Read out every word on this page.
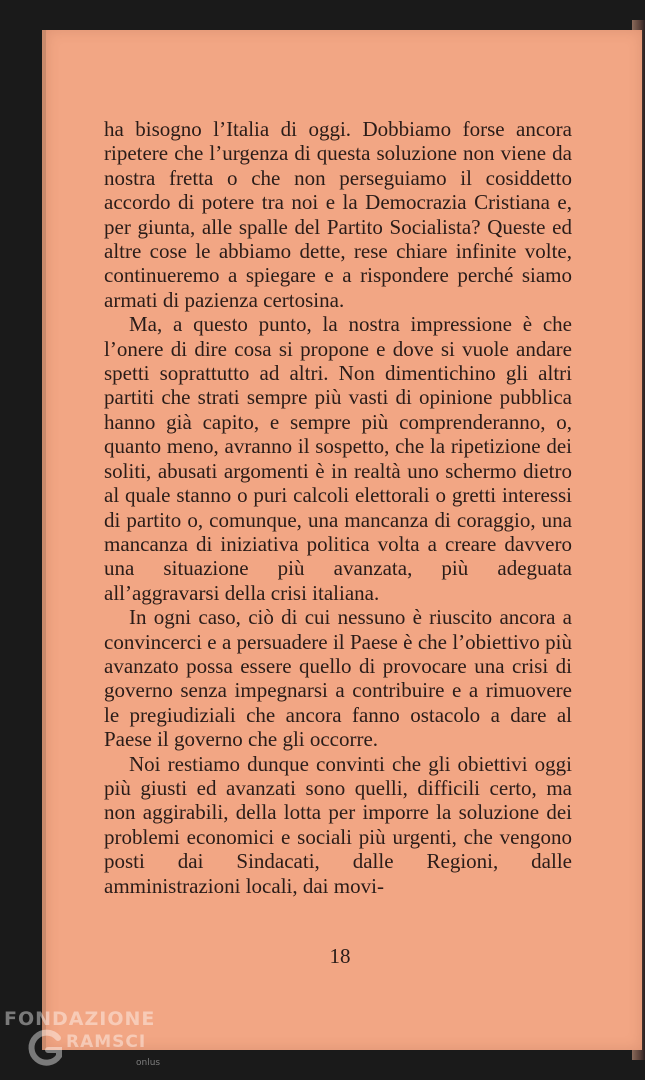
ha bisogno l’Italia di oggi. Dobbiamo forse ancora ripetere che l’urgenza di questa soluzione non viene da nostra fretta o che non perseguiamo il cosiddetto accordo di potere tra noi e la Democrazia Cristiana e, per giunta, alle spalle del Partito Socialista? Queste ed altre cose le abbiamo dette, rese chiare infinite volte, continueremo a spiegare e a rispondere perché siamo armati di pazienza certosina.

Ma, a questo punto, la nostra impressione è che l’onere di dire cosa si propone e dove si vuole andare spetti soprattutto ad altri. Non dimentichino gli altri partiti che strati sempre più vasti di opinione pubblica hanno già capito, e sempre più comprenderanno, o, quanto meno, avranno il sospetto, che la ripetizione dei soliti, abusati argomenti è in realtà uno schermo dietro al quale stanno o puri calcoli elettorali o gretti interessi di partito o, comunque, una mancanza di coraggio, una mancanza di iniziativa politica volta a creare davvero una situazione più avanzata, più adeguata all’aggravarsi della crisi italiana.

In ogni caso, ciò di cui nessuno è riuscito ancora a convincerci e a persuadere il Paese è che l’obiettivo più avanzato possa essere quello di provocare una crisi di governo senza impegnarsi a contribuire e a rimuovere le pregiudiziali che ancora fanno ostacolo a dare al Paese il governo che gli occorre.

Noi restiamo dunque convinti che gli obiettivi oggi più giusti ed avanzati sono quelli, difficili certo, ma non aggirabili, della lotta per imporre la soluzione dei problemi economici e sociali più urgenti, che vengono posti dai Sindacati, dalle Regioni, dalle amministrazioni locali, dai movi-

18
FONDAZIONE
RAMSCI
onlus
